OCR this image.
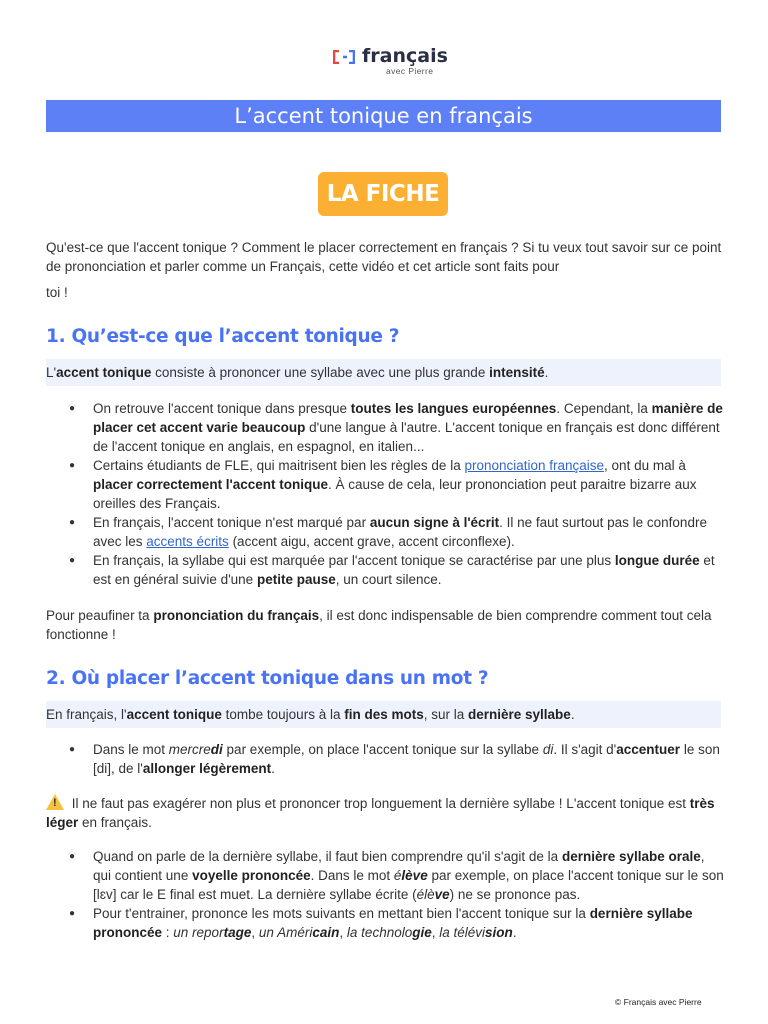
français
avec Pierre
L’accent tonique en français
LA FICHE
Qu'est-ce que l'accent tonique ? Comment le placer correctement en français ? Si tu veux tout savoir sur ce point de prononciation et parler comme un Français, cette vidéo et cet article sont faits pour
toi !
1. Qu’est-ce que l’accent tonique ?
L'accent tonique consiste à prononcer une syllabe avec une plus grande intensité.
● On retrouve l'accent tonique dans presque toutes les langues européennes. Cependant, la manière de placer cet accent varie beaucoup d'une langue à l'autre. L'accent tonique en français est donc différent de l'accent tonique en anglais, en espagnol, en italien...
● Certains étudiants de FLE, qui maitrisent bien les règles de la prononciation française, ont du mal à placer correctement l'accent tonique. À cause de cela, leur prononciation peut paraitre bizarre aux oreilles des Français.
● En français, l'accent tonique n'est marqué par aucun signe à l'écrit. Il ne faut surtout pas le confondre avec les accents écrits (accent aigu, accent grave, accent circonflexe).
● En français, la syllabe qui est marquée par l'accent tonique se caractérise par une plus longue durée et est en général suivie d'une petite pause, un court silence.
Pour peaufiner ta prononciation du français, il est donc indispensable de bien comprendre comment tout cela fonctionne !
2. Où placer l’accent tonique dans un mot ?
En français, l'accent tonique tombe toujours à la fin des mots, sur la dernière syllabe.
● Dans le mot mercredi par exemple, on place l'accent tonique sur la syllabe di. Il s'agit d'accentuer le son [di], de l'allonger légèrement.
! Il ne faut pas exagérer non plus et prononcer trop longuement la dernière syllabe ! L'accent tonique est très léger en français.
● Quand on parle de la dernière syllabe, il faut bien comprendre qu'il s'agit de la dernière syllabe orale, qui contient une voyelle prononcée. Dans le mot élève par exemple, on place l'accent tonique sur le son [lɛv] car le E final est muet. La dernière syllabe écrite (élève) ne se prononce pas.
● Pour t'entrainer, prononce les mots suivants en mettant bien l'accent tonique sur la dernière syllabe prononcée : un reportage, un Américain, la technologie, la télévision.
© Français avec Pierre
